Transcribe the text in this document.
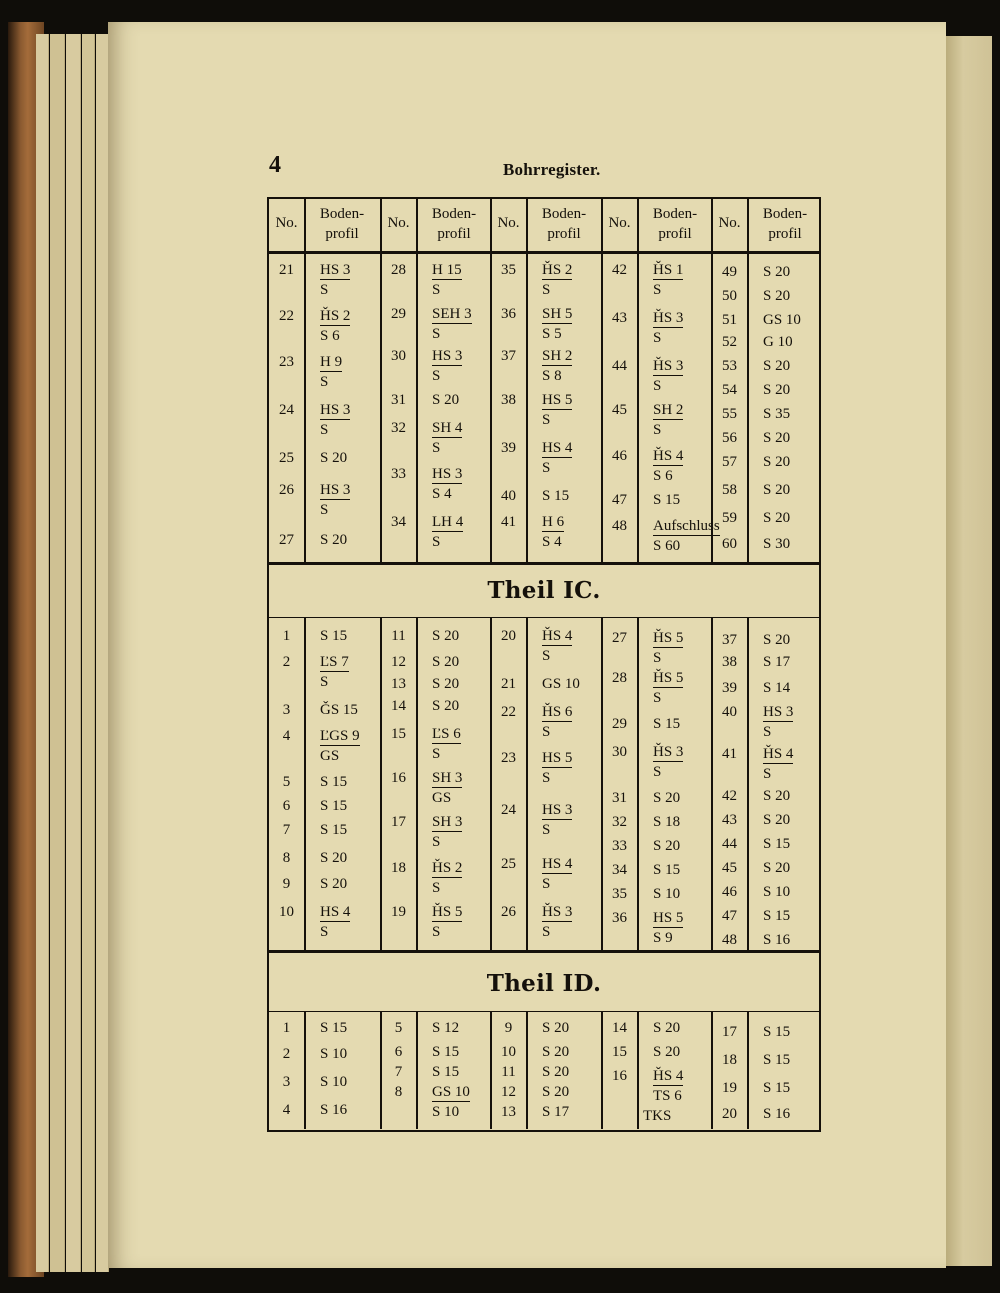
4	Bohrregister.
Theil IC.
Theil ID.
No.
Boden-
profil
No.
Boden-
profil
No.
Boden-
profil
No.
Boden-
profil
No.
Boden-
profil
21	HS 3
S
22	ȞS 2
S 6
23	H 9
S
24	HS 3
S
25	S 20
26	HS 3
S
27	S 20
28	H 15
S
29	SEH 3
S
30	HS 3
S
31	S 20
32	SH 4
S
33	HS 3
S 4
34	LH 4
S
35	ȞS 2
S
36	SH 5
S 5
37	SH 2
S 8
38	HS 5
S
39	HS 4
S
40	S 15
41	H 6
S 4
42	ȞS 1
S
43	ȞS 3
S
44	ȞS 3
S
45	SH 2
S
46	ȞS 4
S 6
47	S 15
48	Aufschluss
S 60
49	S 20
50	S 20
51	GS 10
52	G 10
53	S 20
54	S 20
55	S 35
56	S 20
57	S 20
58	S 20
59	S 20
60	S 30
1	S 15
2	ĽS 7
S
3	ǦS 15
4	ĽGS 9
GS
5	S 15
6	S 15
7	S 15
8	S 20
9	S 20
10	HS 4
S
11	S 20
12	S 20
13	S 20
14	S 20
15	ĽS 6
S
16	SH 3
GS
17	SH 3
S
18	ȞS 2
S
19	ȞS 5
S
20	ȞS 4
S
21	GS 10
22	ȞS 6
S
23	HS 5
S
24	HS 3
S
25	HS 4
S
26	ȞS 3
S
27	ȞS 5
S
28	ȞS 5
S
29	S 15
30	ȞS 3
S
31	S 20
32	S 18
33	S 20
34	S 15
35	S 10
36	HS 5
S 9
37	S 20
38	S 17
39	S 14
40	HS 3
S
41	ȞS 4
S
42	S 20
43	S 20
44	S 15
45	S 20
46	S 10
47	S 15
48	S 16
1	S 15
2	S 10
3	S 10
4	S 16
5	S 12
6	S 15
7	S 15
8	GS 10
S 10
9	S 20
10	S 20
11	S 20
12	S 20
13	S 17
14	S 20
15	S 20
16	ȞS 4
TS 6
TKS
17	S 15
18	S 15
19	S 15
20	S 16
